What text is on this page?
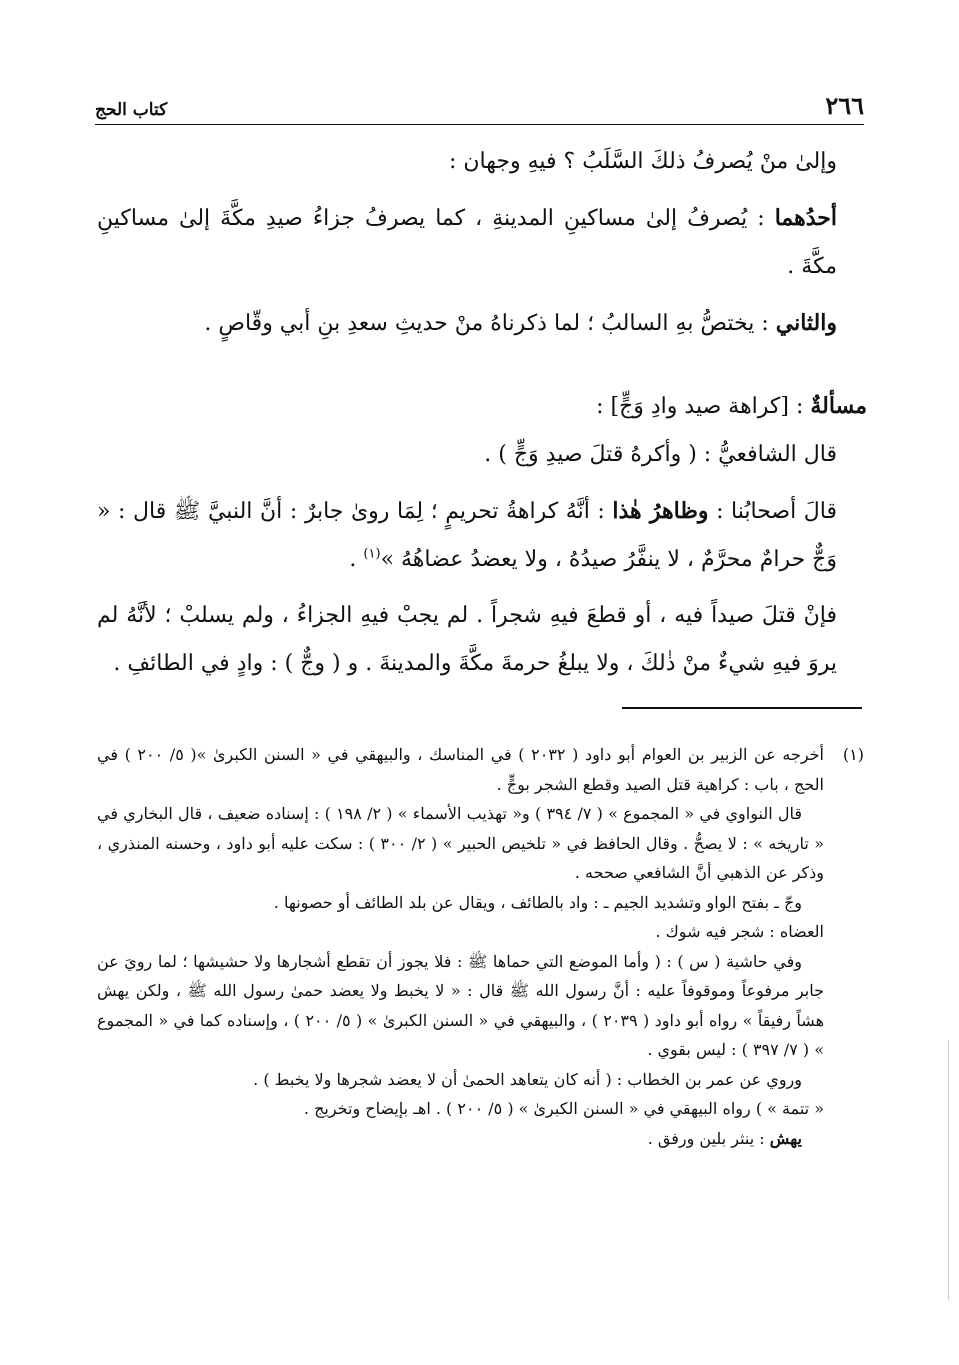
٢٦٦
كتاب الحج

وإلىٰ منْ يُصرفُ ذلكَ السَّلَبُ ؟ فيهِ وجهان :

أحدُهما : يُصرفُ إلىٰ مساكينِ المدينةِ ، كما يصرفُ جزاءُ صيدِ مكَّةَ إلىٰ مساكينِ مكَّةَ .

والثاني : يختصُّ بهِ السالبُ ؛ لما ذكرناهُ منْ حديثِ سعدِ بنِ أبي وقّاصٍ .

مسألةٌ : [كراهة صيد وادِ وَجٍّ] :

قال الشافعيُّ : ( وأكرهُ قتلَ صيدِ وَجٍّ ) .

قالَ أصحابُنا : وظاهرُ هٰذا : أنَّهُ كراهةُ تحريمٍ ؛ لِمَا روىٰ جابرٌ : أنَّ النبيَّ ﷺ قال : « وَجٌّ حرامٌ محرَّمٌ ، لا ينفَّرُ صيدُهُ ، ولا يعضدُ عضاهُهُ »$^{(١)}$ .

فإنْ قتلَ صيداً فيه ، أو قطعَ فيهِ شجراً . لم يجبْ فيهِ الجزاءُ ، ولم يسلبْ ؛ لأنَّهُ لم يروَ فيهِ شيءٌ منْ ذٰلكَ ، ولا يبلغُ حرمةَ مكَّةَ والمدينةَ . و ( وجٌّ ) : وادٍ في الطائفِ .

(١)

أخرجه عن الزبير بن العوام أبو داود ( ٢٠٣٢ ) في المناسك ، والبيهقي في « السنن الكبرىٰ »( ٥/ ٢٠٠ ) في الحج ، باب : كراهية قتل الصيد وقطع الشجر بوجٍّ .

قال النواوي في « المجموع » ( ٧/ ٣٩٤ ) و« تهذيب الأسماء » ( ٢/ ١٩٨ ) : إسناده ضعيف ، قال البخاري في « تاريخه » : لا يصحُّ . وقال الحافظ في « تلخيص الحبير » ( ٢/ ٣٠٠ ) : سكت عليه أبو داود ، وحسنه المنذري ، وذكر عن الذهبي أنَّ الشافعي صححه .

وجّ ـ بفتح الواو وتشديد الجيم ـ : واد بالطائف ، ويقال عن بلد الطائف أو حصونها .

العضاه : شجر فيه شوك .

وفي حاشية ( س ) : ( وأما الموضع التي حماها ﷺ : فلا يجوز أن تقطع أشجارها ولا حشيشها ؛ لما رويَ عن جابر مرفوعاً وموقوفاً عليه : أنَّ رسول الله ﷺ قال : « لا يخبط ولا يعضد حمىٰ رسول الله ﷺ ، ولكن يهش هشاً رفيقاً » رواه أبو داود ( ٢٠٣٩ ) ، والبيهقي في « السنن الكبرىٰ » ( ٥/ ٢٠٠ ) ، وإسناده كما في « المجموع » ( ٧/ ٣٩٧ ) : ليس بقوي .

وروي عن عمر بن الخطاب : ( أنه كان يتعاهد الحمىٰ أن لا يعضد شجرها ولا يخبط ) .

« تتمة » ) رواه البيهقي في « السنن الكبرىٰ » ( ٥/ ٢٠٠ ) . اهـ بإيضاح وتخريج .

يهش : ينثر بلين ورفق .
